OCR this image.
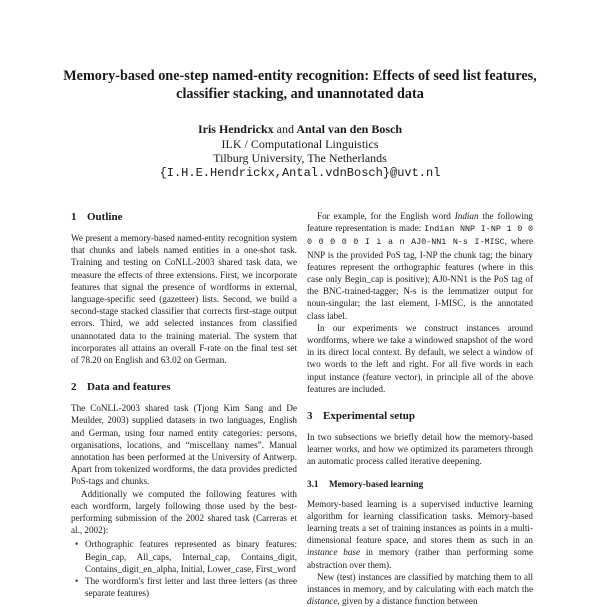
Memory-based one-step named-entity recognition: Effects of seed list features, classifier stacking, and unannotated data
Iris Hendrickx and Antal van den Bosch
ILK / Computational Linguistics
Tilburg University, The Netherlands
{I.H.E.Hendrickx,Antal.vdnBosch}@uvt.nl
1 Outline

We present a memory-based named-entity recognition system that chunks and labels named entities in a one-shot task. Training and testing on CoNLL-2003 shared task data, we measure the effects of three extensions. First, we incorporate features that signal the presence of wordforms in external, language-specific seed (gazetteer) lists. Second, we build a second-stage stacked classifier that corrects first-stage output errors. Third, we add selected instances from classified unannotated data to the training material. The system that incorporates all attains an overall F-rate on the final test set of 78.20 on English and 63.02 on German.

2 Data and features

The CoNLL-2003 shared task (Tjong Kim Sang and De Meulder, 2003) supplied datasets in two languages, English and German, using four named entity categories: persons, organisations, locations, and “miscellany names”. Manual annotation has been performed at the University of Antwerp. Apart from tokenized wordforms, the data provides predicted PoS-tags and chunks.

Additionally we computed the following features with each wordform, largely following those used by the best-performing submission of the 2002 shared task (Carreras et al., 2002):

• Orthographic features represented as binary features: Begin_cap, All_caps, Internal_cap, Contains_digit, Contains_digit_en_alpha, Initial, Lower_case, First_word
• The wordform's first letter and last three letters (as three separate features)

For example, for the English word Indian the following feature representation is made: Indian NNP I-NP 1 0 0 0 0 0 0 0 I i a n AJ0-NN1 N-s I-MISC, where NNP is the provided PoS tag, I-NP the chunk tag; the binary features represent the orthographic features (where in this case only Begin_cap is positive); AJ0-NN1 is the PoS tag of the BNC-trained-tagger; N-s is the lemmatizer output for noun-singular; the last element, I-MISC, is the annotated class label.

In our experiments we construct instances around wordforms, where we take a windowed snapshot of the word in its direct local context. By default, we select a window of two words to the left and right. For all five words in each input instance (feature vector), in principle all of the above features are included.

3 Experimental setup

In two subsections we briefly detail how the memory-based learner works, and how we optimized its parameters through an automatic process called iterative deepening.

3.1 Memory-based learning

Memory-based learning is a supervised inductive learning algorithm for learning classification tasks. Memory-based learning treats a set of training instances as points in a multi-dimensional feature space, and stores them as such in an instance base in memory (rather than performing some abstraction over them).

New (test) instances are classified by matching them to all instances in memory, and by calculating with each match the distance, given by a distance function between
